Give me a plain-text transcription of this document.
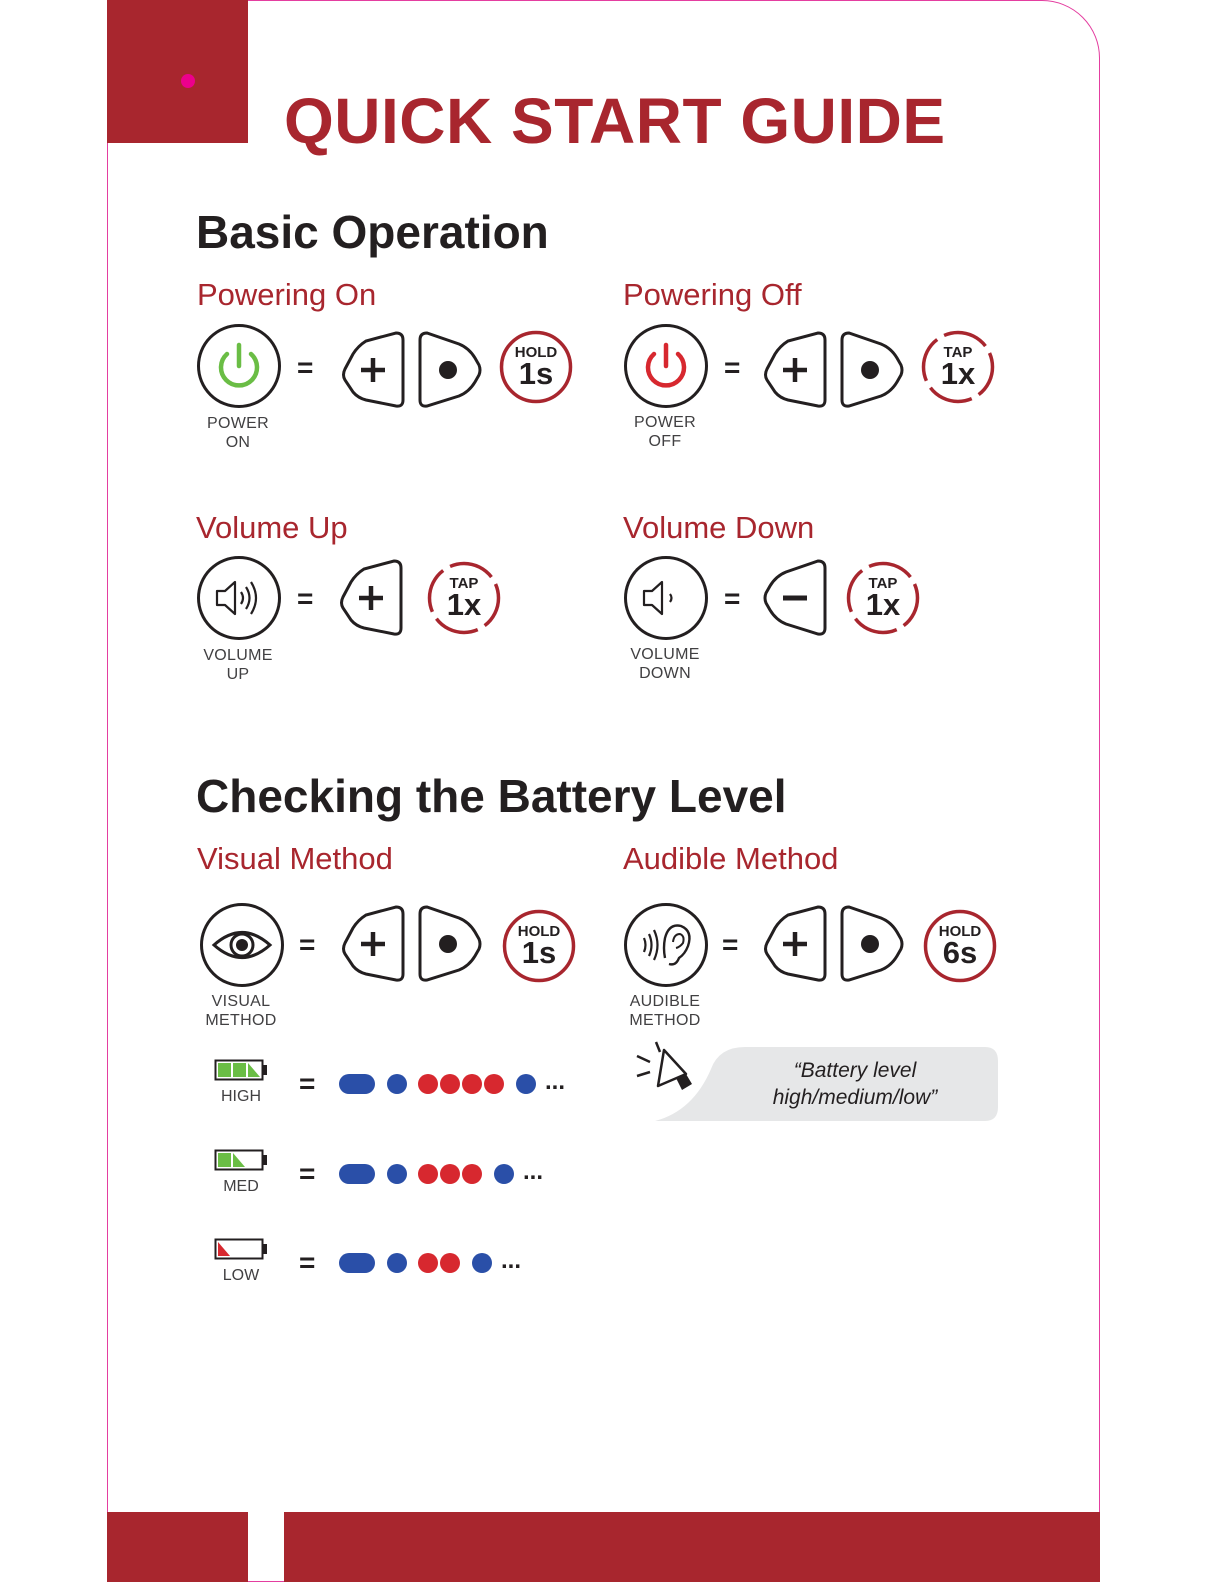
QUICK START GUIDE
Basic Operation
Powering On
POWER
ON
=	HOLD
1s
Powering Off
POWER
OFF
=	TAP
1x
Volume Up
VOLUME
UP
=	TAP
1x
Volume Down
VOLUME
DOWN
=	TAP
1x
Checking the Battery Level
Visual Method
VISUAL
METHOD
=	HOLD
1s
Audible Method
AUDIBLE
METHOD
=	HOLD
6s
“Battery level
high/medium/low”
HIGH	=	...
MED	=	...
LOW	=	...
